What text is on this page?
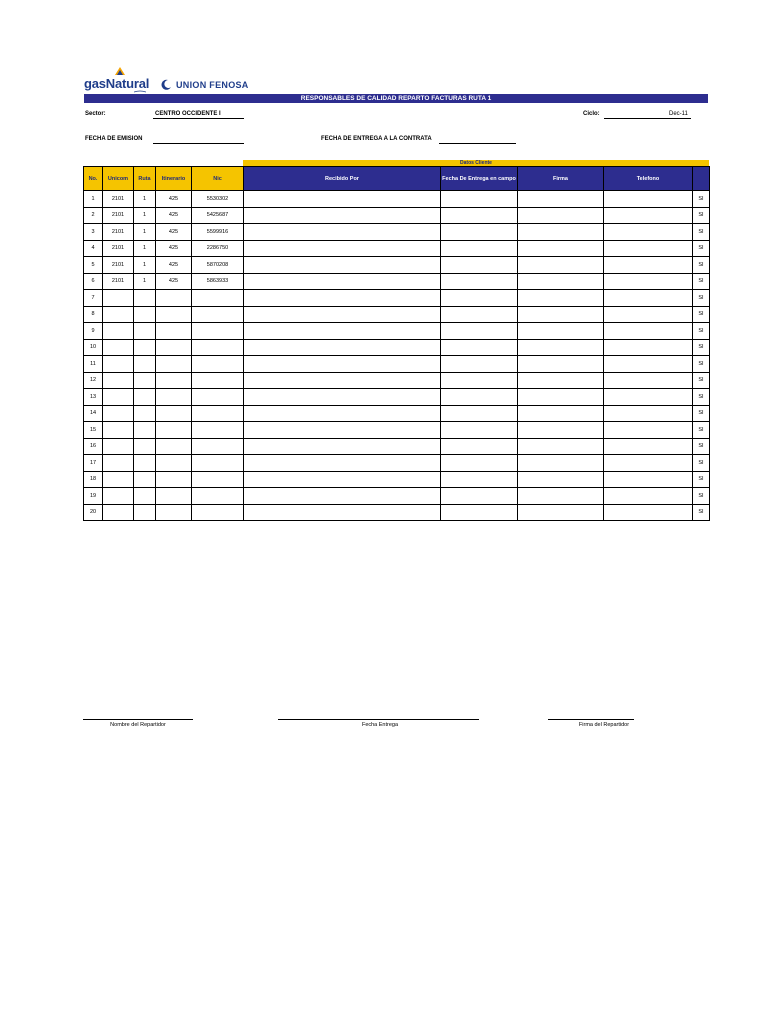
gasNatural	UNION FENOSA
RESPONSABLES DE CALIDAD REPARTO FACTURAS RUTA 1
Sector:	CENTRO OCCIDENTE I	Ciclo:	Dec-11
FECHA DE EMISION	FECHA DE ENTREGA A LA CONTRATA
Datos Cliente
No.	Unicom	Ruta	Itinerario	Nic	Recibido Por	Fecha De Entrega en campo	Firma	Telefono	
1	2101	1	425	5530302					SI
2	2101	1	425	5425687					SI
3	2101	1	425	5599916					SI
4	2101	1	425	2286750					SI
5	2101	1	425	5870208					SI
6	2101	1	425	5863933					SI
7									SI
8									SI
9									SI
10									SI
11									SI
12									SI
13									SI
14									SI
15									SI
16									SI
17									SI
18									SI
19									SI
20									SI
Nombre del Repartidor	Fecha Entrega	Firma del Repartidor
